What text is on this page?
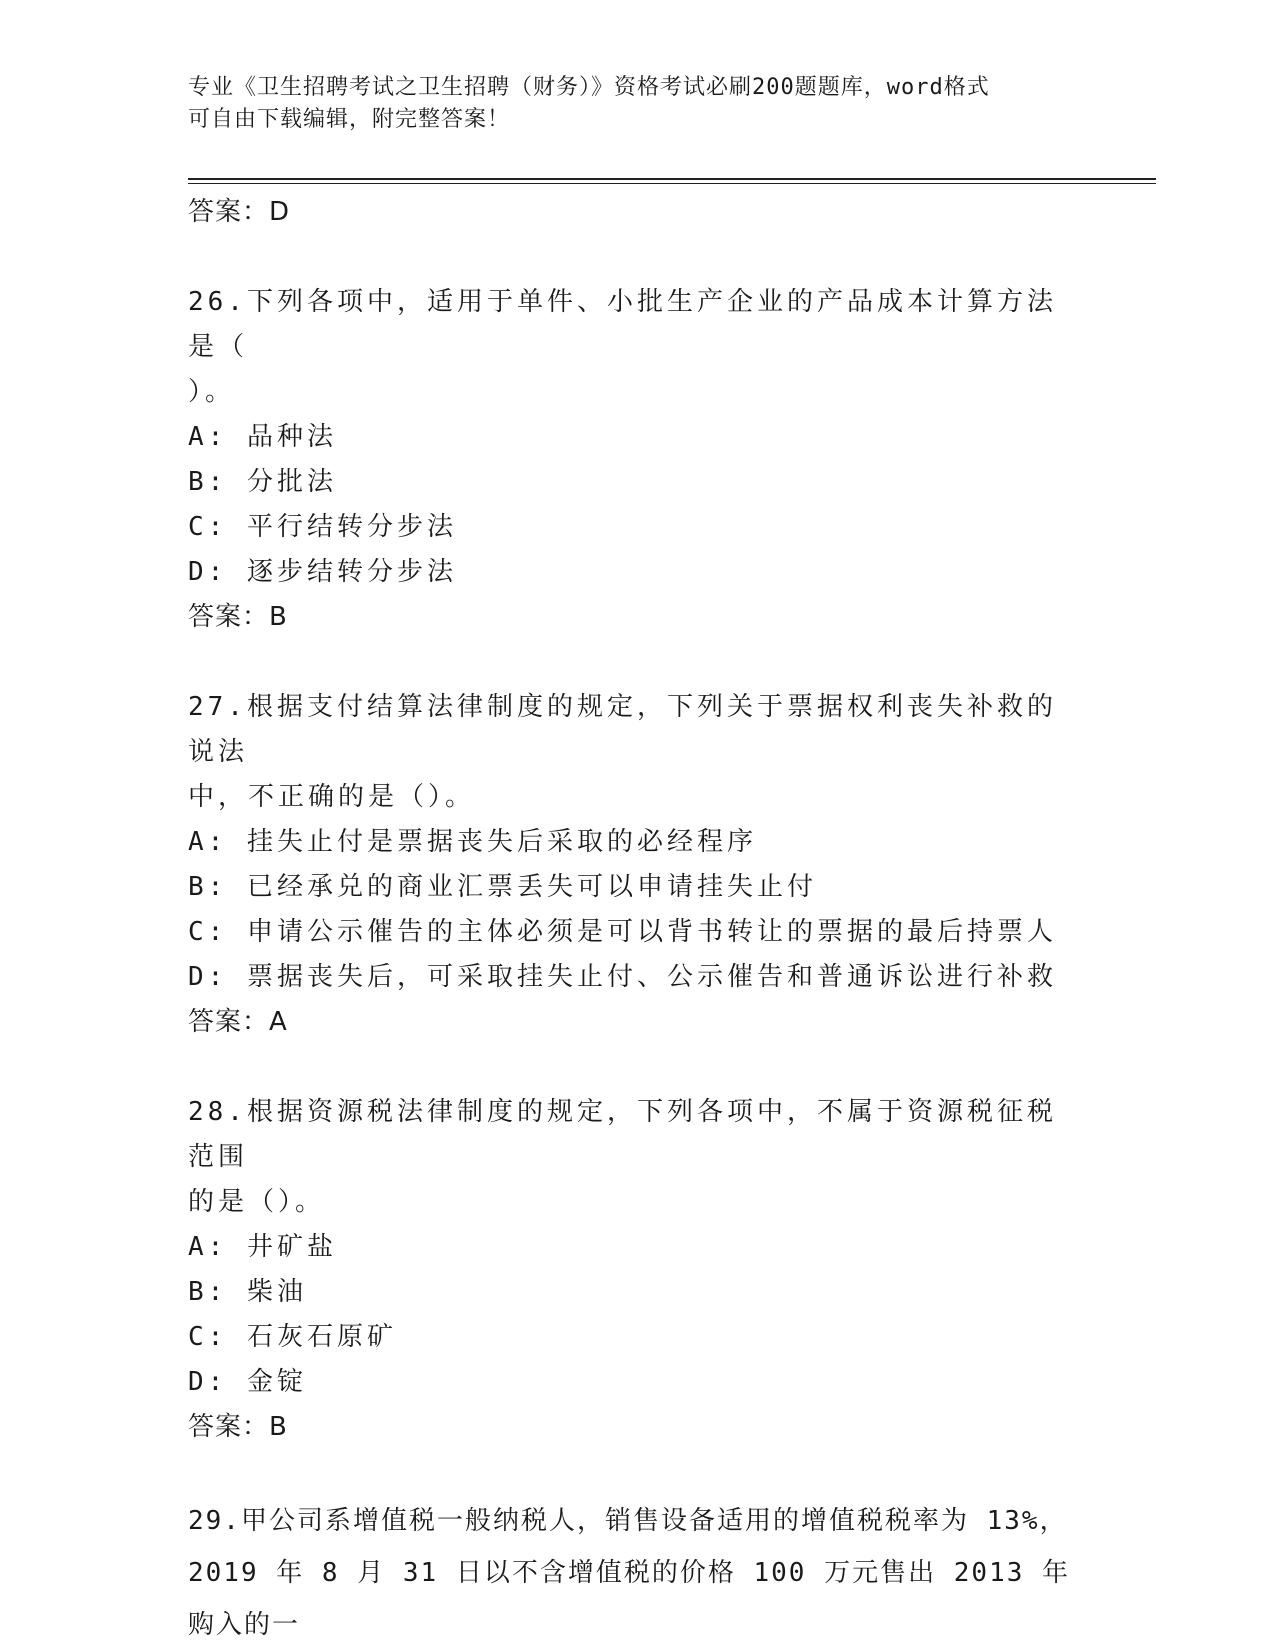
专业《卫生招聘考试之卫生招聘（财务）》资格考试必刷200题题库，word格式
可自由下载编辑，附完整答案！

答案：D

26.下列各项中，适用于单件、小批生产企业的产品成本计算方法是（

）。

A: 品种法

B: 分批法

C: 平行结转分步法

D: 逐步结转分步法

答案：B

27.根据支付结算法律制度的规定，下列关于票据权利丧失补救的说法

中，不正确的是（）。

A: 挂失止付是票据丧失后采取的必经程序

B: 已经承兑的商业汇票丢失可以申请挂失止付

C: 申请公示催告的主体必须是可以背书转让的票据的最后持票人

D: 票据丧失后，可采取挂失止付、公示催告和普通诉讼进行补救

答案：A

28.根据资源税法律制度的规定，下列各项中，不属于资源税征税范围

的是（）。

A: 井矿盐

B: 柴油

C: 石灰石原矿

D: 金锭

答案：B

29.甲公司系增值税一般纳税人，销售设备适用的增值税税率为 13%，

2019 年 8 月 31 日以不含增值税的价格 100 万元售出 2013 年购入的一
